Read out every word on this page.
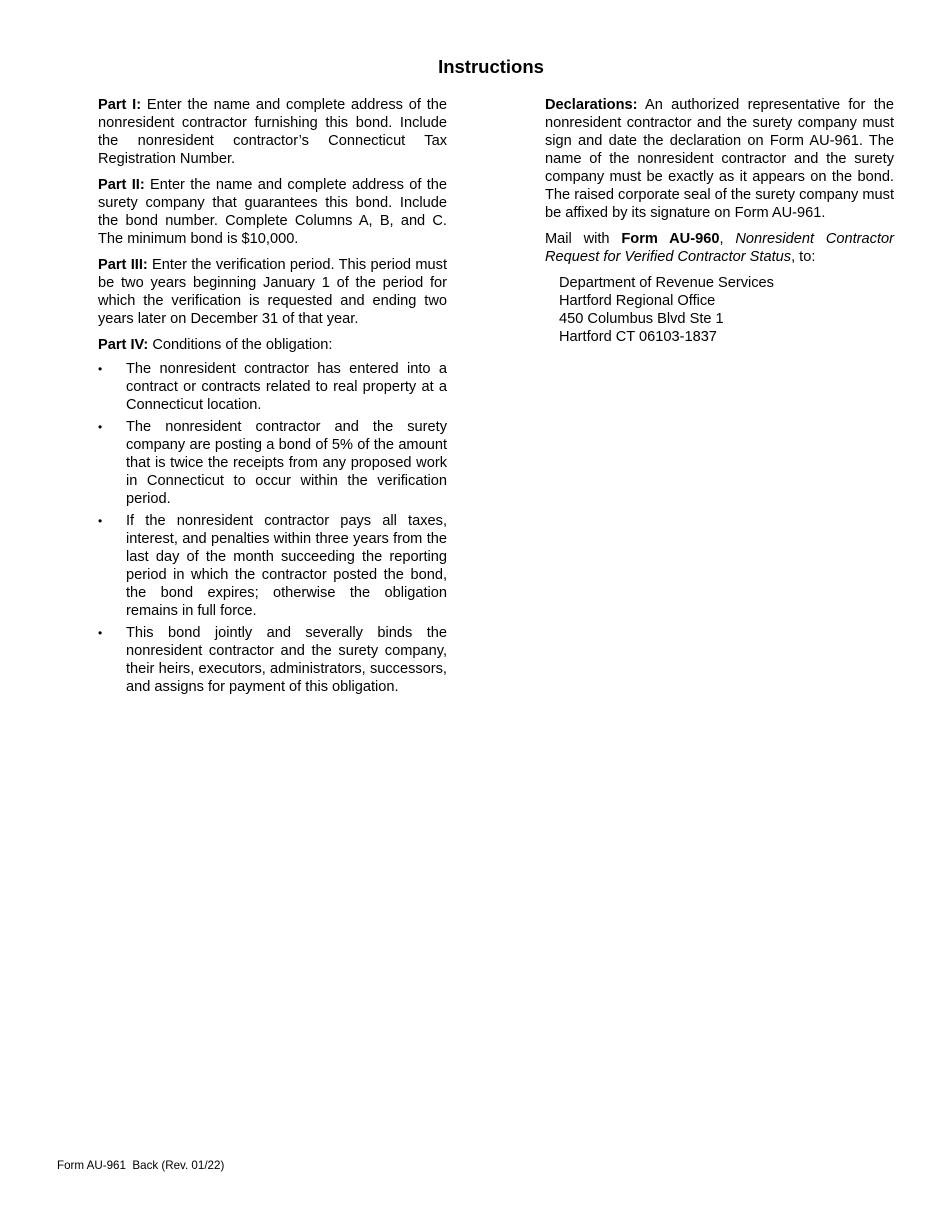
Instructions

Part I: Enter the name and complete address of the nonresident contractor furnishing this bond. Include the nonresident contractor’s Connecticut Tax Registration Number.

Part II: Enter the name and complete address of the surety company that guarantees this bond. Include the bond number. Complete Columns A, B, and C. The minimum bond is $10,000.

Part III: Enter the verification period. This period must be two years beginning January 1 of the period for which the verification is requested and ending two years later on December 31 of that year.

Part IV: Conditions of the obligation:

• The nonresident contractor has entered into a contract or contracts related to real property at a Connecticut location.
• The nonresident contractor and the surety company are posting a bond of 5% of the amount that is twice the receipts from any proposed work in Connecticut to occur within the verification period.
• If the nonresident contractor pays all taxes, interest, and penalties within three years from the last day of the month succeeding the reporting period in which the contractor posted the bond, the bond expires; otherwise the obligation remains in full force.
• This bond jointly and severally binds the nonresident contractor and the surety company, their heirs, executors, administrators, successors, and assigns for payment of this obligation.

Declarations: An authorized representative for the nonresident contractor and the surety company must sign and date the declaration on Form AU-961. The name of the nonresident contractor and the surety company must be exactly as it appears on the bond. The raised corporate seal of the surety company must be affixed by its signature on Form AU-961.

Mail with Form AU-960, Nonresident Contractor Request for Verified Contractor Status, to:

Department of Revenue Services
Hartford Regional Office
450 Columbus Blvd Ste 1
Hartford CT 06103-1837
Form AU-961  Back (Rev. 01/22)
